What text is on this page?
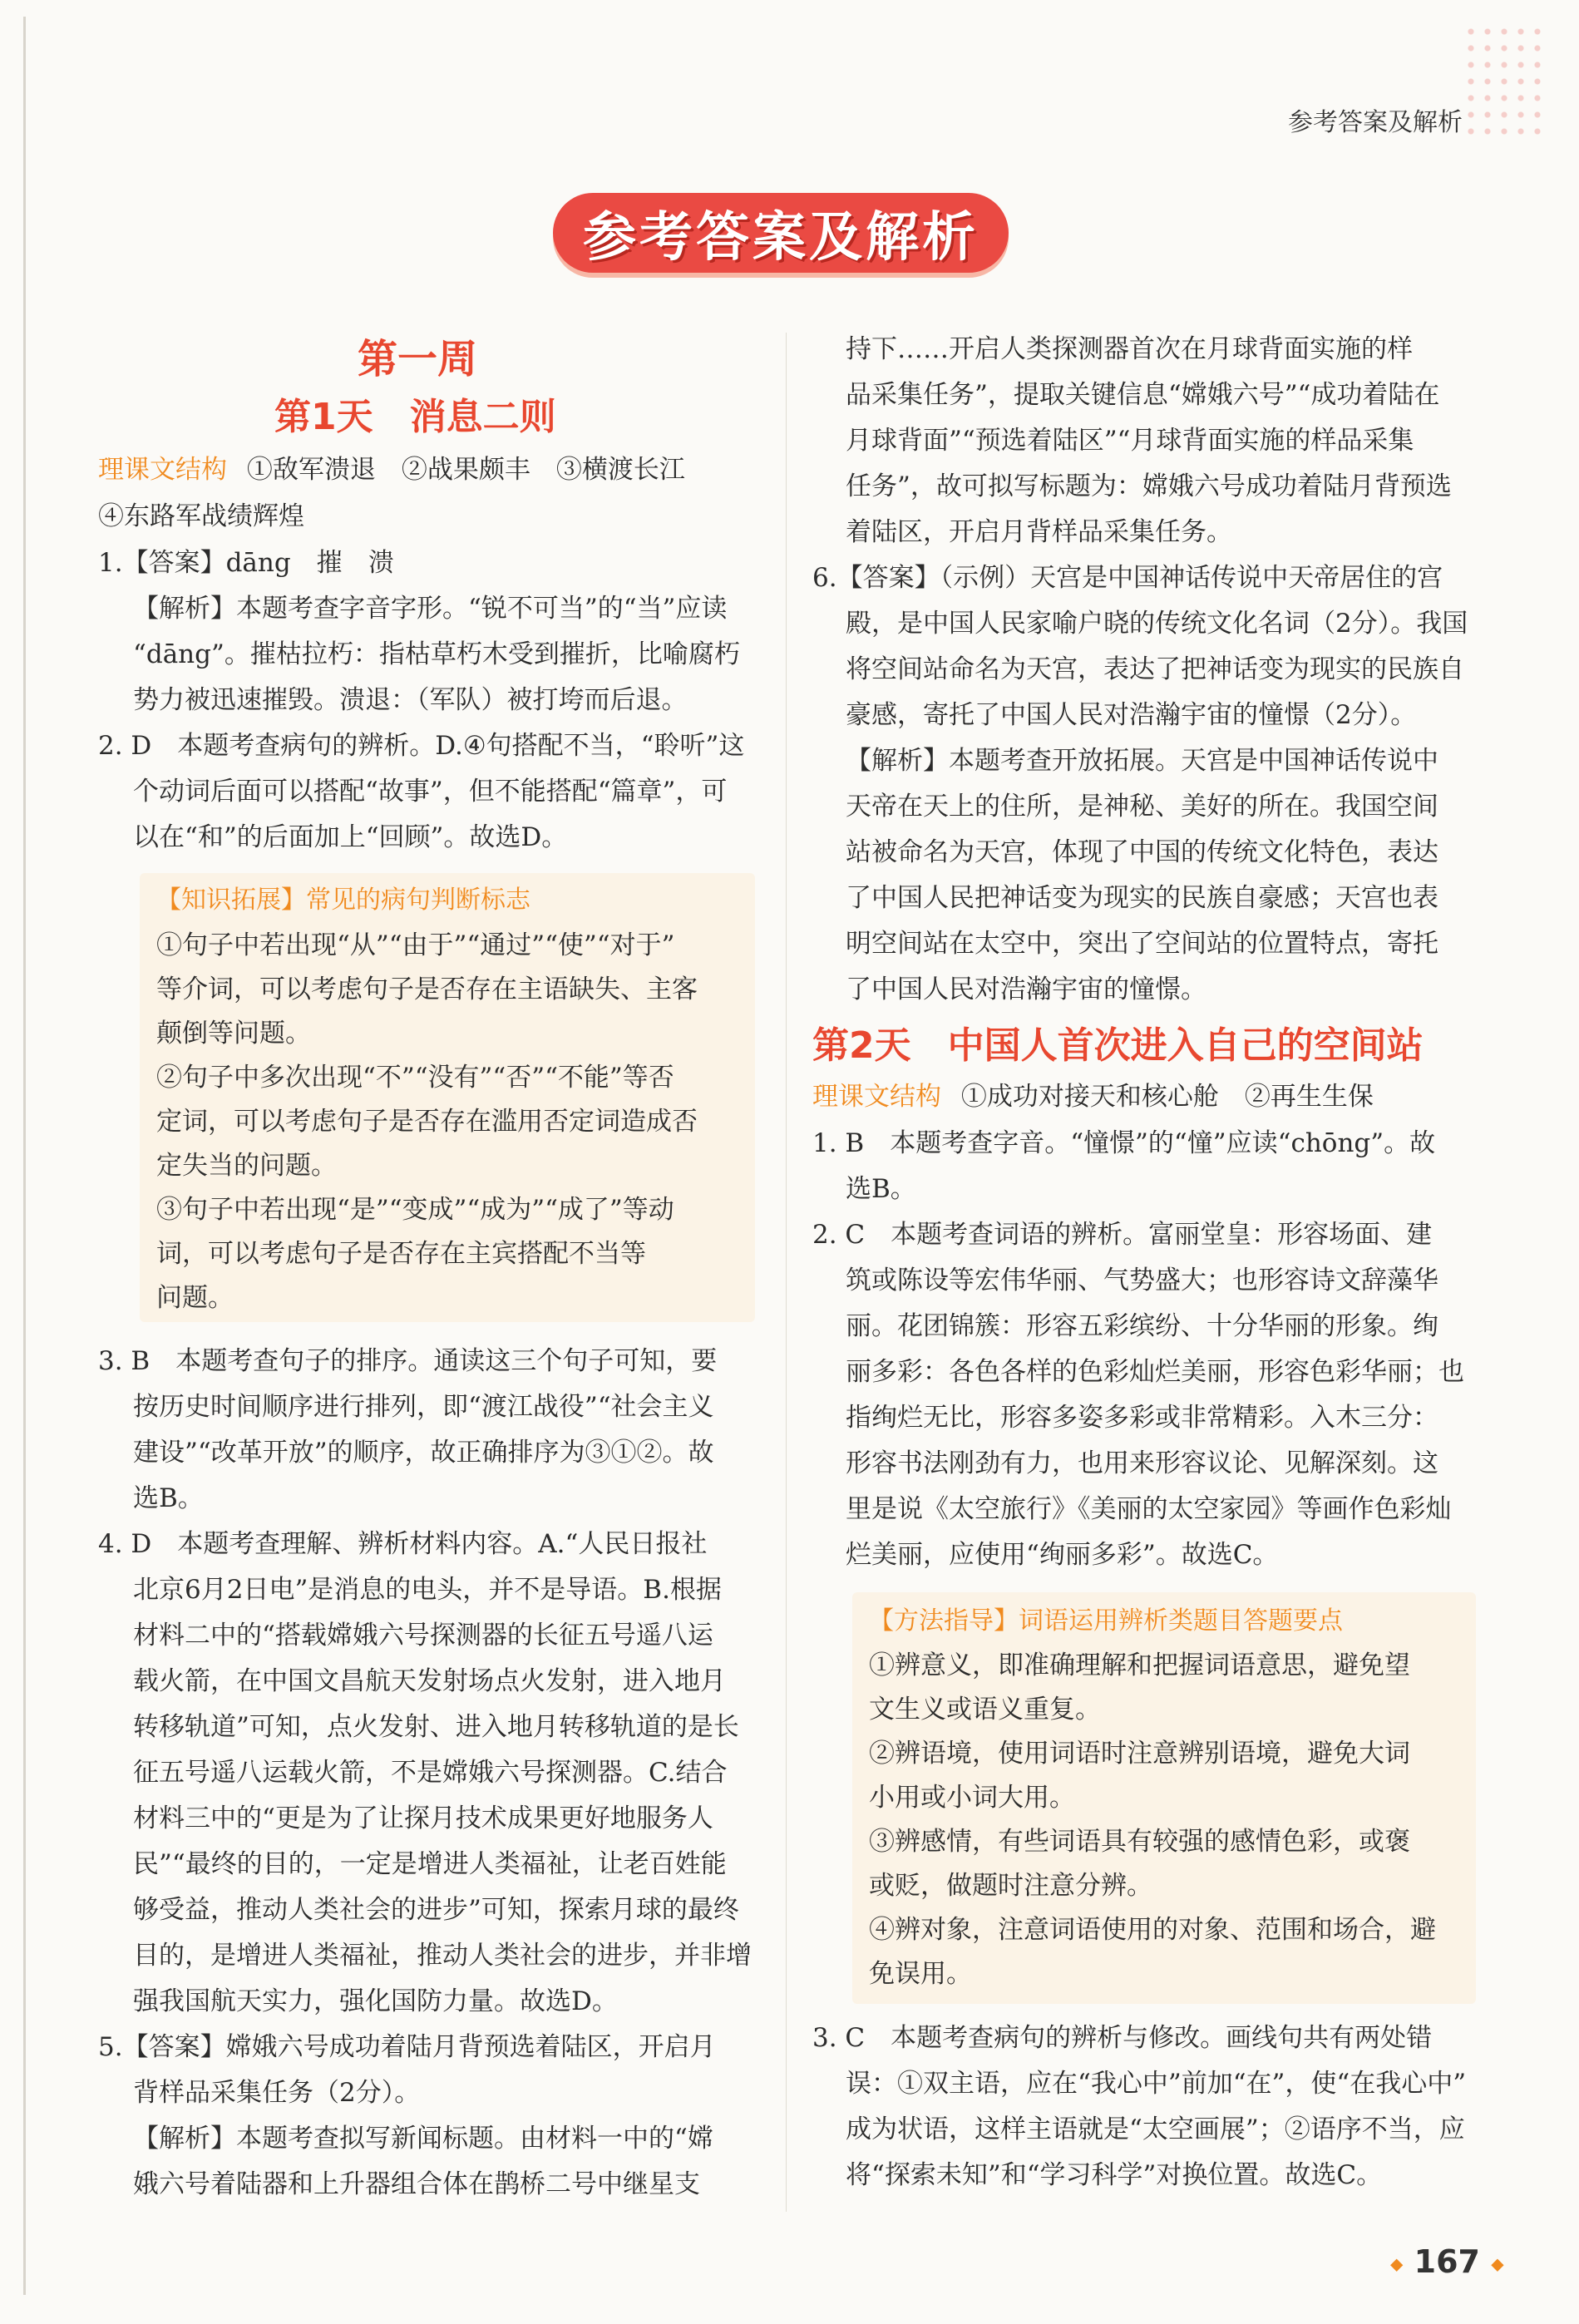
参考答案及解析
参考答案及解析
第一周
第1天　消息二则
理课文结构 ①敌军溃退　②战果颇丰　③横渡长江
④东路军战绩辉煌
1.【答案】dāng　摧　溃
【解析】本题考查字音字形。“锐不可当”的“当”应读
“dāng”。摧枯拉朽：指枯草朽木受到摧折，比喻腐朽
势力被迅速摧毁。溃退：（军队）被打垮而后退。
2. D　本题考查病句的辨析。D.④句搭配不当，“聆听”这
个动词后面可以搭配“故事”，但不能搭配“篇章”，可
以在“和”的后面加上“回顾”。故选D。
【知识拓展】常见的病句判断标志
①句子中若出现“从”“由于”“通过”“使”“对于”
等介词，可以考虑句子是否存在主语缺失、主客
颠倒等问题。
②句子中多次出现“不”“没有”“否”“不能”等否
定词，可以考虑句子是否存在滥用否定词造成否
定失当的问题。
③句子中若出现“是”“变成”“成为”“成了”等动
词，可以考虑句子是否存在主宾搭配不当等
问题。
3. B　本题考查句子的排序。通读这三个句子可知，要
按历史时间顺序进行排列，即“渡江战役”“社会主义
建设”“改革开放”的顺序，故正确排序为③①②。故
选B。
4. D　本题考查理解、辨析材料内容。A.“人民日报社
北京6月2日电”是消息的电头，并不是导语。B.根据
材料二中的“搭载嫦娥六号探测器的长征五号遥八运
载火箭，在中国文昌航天发射场点火发射，进入地月
转移轨道”可知，点火发射、进入地月转移轨道的是长
征五号遥八运载火箭，不是嫦娥六号探测器。C.结合
材料三中的“更是为了让探月技术成果更好地服务人
民”“最终的目的，一定是增进人类福祉，让老百姓能
够受益，推动人类社会的进步”可知，探索月球的最终
目的，是增进人类福祉，推动人类社会的进步，并非增
强我国航天实力，强化国防力量。故选D。
5.【答案】嫦娥六号成功着陆月背预选着陆区，开启月
背样品采集任务（2分）。
【解析】本题考查拟写新闻标题。由材料一中的“嫦
娥六号着陆器和上升器组合体在鹊桥二号中继星支
持下……开启人类探测器首次在月球背面实施的样
品采集任务”，提取关键信息“嫦娥六号”“成功着陆在
月球背面”“预选着陆区”“月球背面实施的样品采集
任务”，故可拟写标题为：嫦娥六号成功着陆月背预选
着陆区，开启月背样品采集任务。
6.【答案】（示例）天宫是中国神话传说中天帝居住的宫
殿，是中国人民家喻户晓的传统文化名词（2分）。我国
将空间站命名为天宫，表达了把神话变为现实的民族自
豪感，寄托了中国人民对浩瀚宇宙的憧憬（2分）。
【解析】本题考查开放拓展。天宫是中国神话传说中
天帝在天上的住所，是神秘、美好的所在。我国空间
站被命名为天宫，体现了中国的传统文化特色，表达
了中国人民把神话变为现实的民族自豪感；天宫也表
明空间站在太空中，突出了空间站的位置特点，寄托
了中国人民对浩瀚宇宙的憧憬。
第2天　中国人首次进入自己的空间站
理课文结构 ①成功对接天和核心舱　②再生生保
1. B　本题考查字音。“憧憬”的“憧”应读“chōng”。故
选B。
2. C　本题考查词语的辨析。富丽堂皇：形容场面、建
筑或陈设等宏伟华丽、气势盛大；也形容诗文辞藻华
丽。花团锦簇：形容五彩缤纷、十分华丽的形象。绚
丽多彩：各色各样的色彩灿烂美丽，形容色彩华丽；也
指绚烂无比，形容多姿多彩或非常精彩。入木三分：
形容书法刚劲有力，也用来形容议论、见解深刻。这
里是说《太空旅行》《美丽的太空家园》等画作色彩灿
烂美丽，应使用“绚丽多彩”。故选C。
【方法指导】词语运用辨析类题目答题要点
①辨意义，即准确理解和把握词语意思，避免望
文生义或语义重复。
②辨语境，使用词语时注意辨别语境，避免大词
小用或小词大用。
③辨感情，有些词语具有较强的感情色彩，或褒
或贬，做题时注意分辨。
④辨对象，注意词语使用的对象、范围和场合，避
免误用。
3. C　本题考查病句的辨析与修改。画线句共有两处错
误：①双主语，应在“我心中”前加“在”，使“在我心中”
成为状语，这样主语就是“太空画展”；②语序不当，应
将“探索未知”和“学习科学”对换位置。故选C。
◆ 167 ◆
